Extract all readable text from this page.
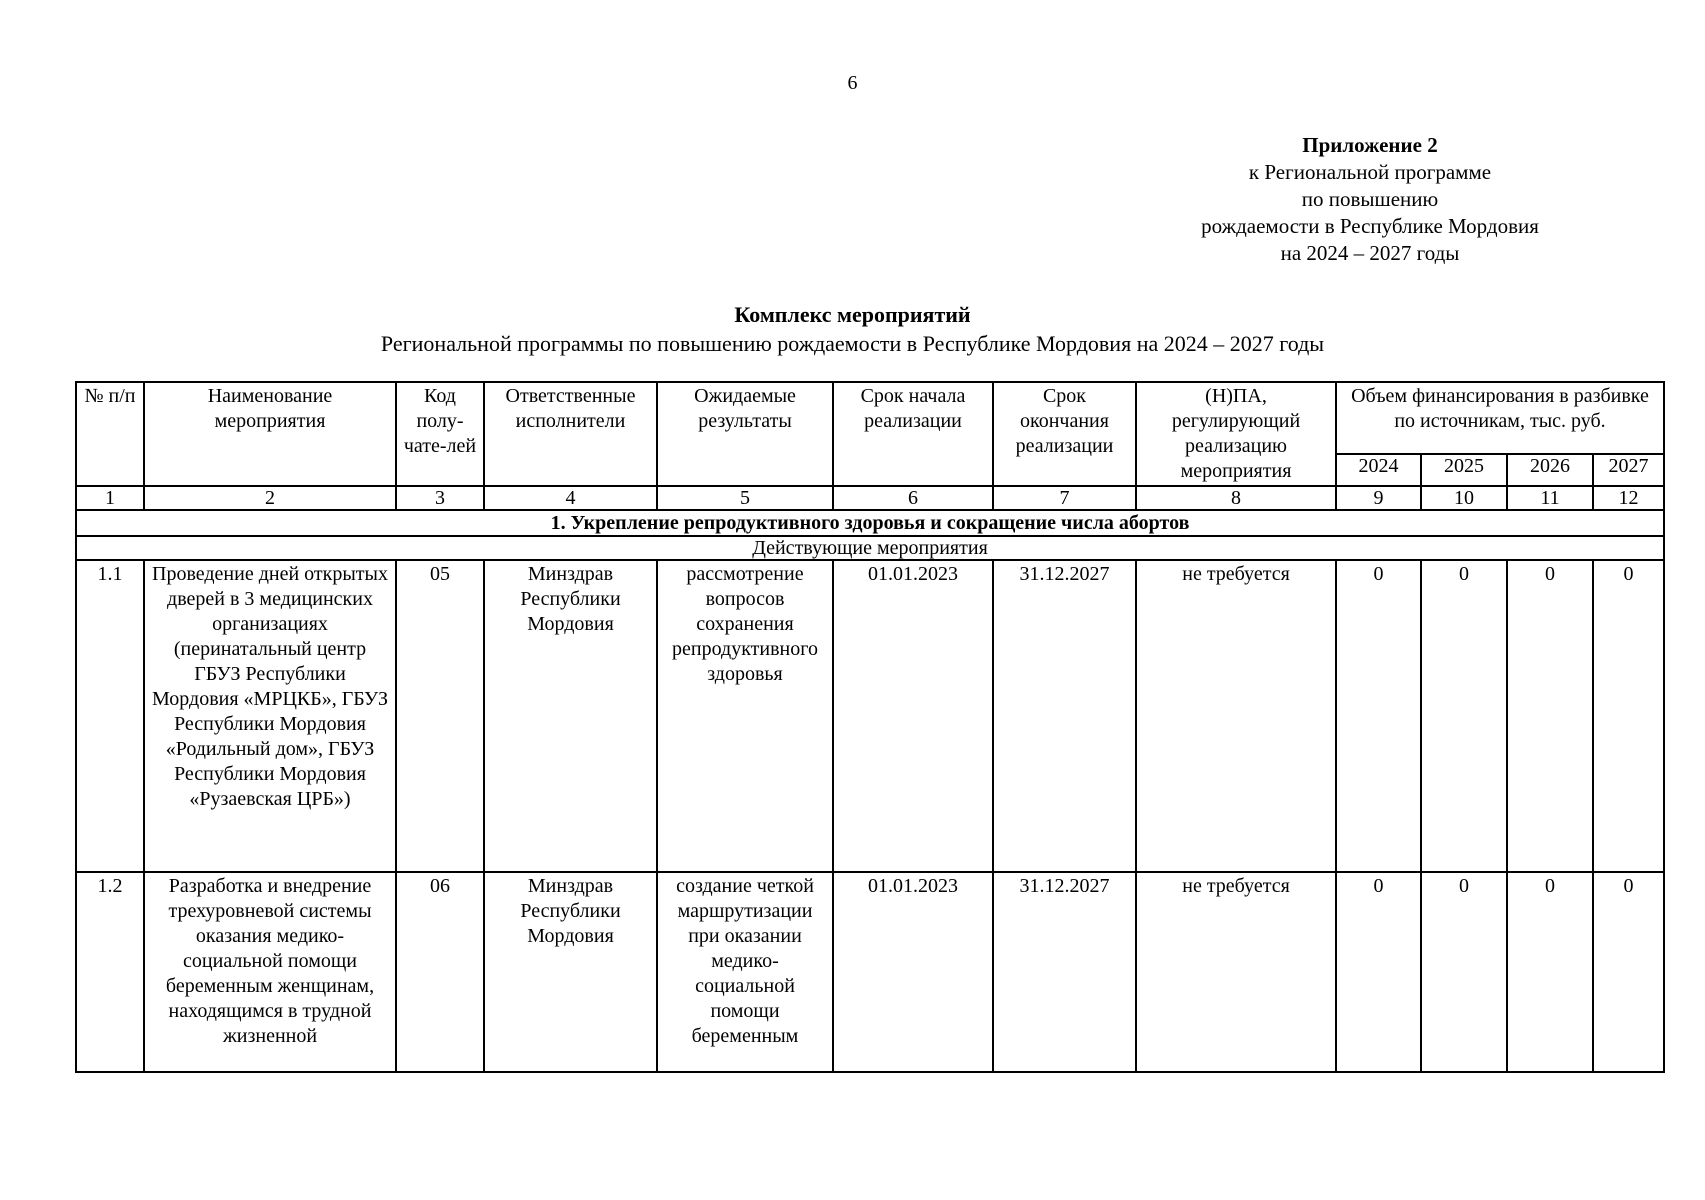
6
Приложение 2
к Региональной программе
по повышению
рождаемости в Республике Мордовия
на 2024 – 2027 годы
Комплекс мероприятий
Региональной программы по повышению рождаемости в Республике Мордовия на 2024 – 2027 годы
№ п/п	Наименование мероприятия	Код полу-чате-лей	Ответственные исполнители	Ожидаемые результаты	Срок начала реализации	Срок окончания реализации	(Н)ПА, регулирующий реализацию мероприятия	Объем финансирования в разбивке по источникам, тыс. руб.			
								2024	2025	2026	2027
1	2	3	4	5	6	7	8	9	10	11	12
1. Укрепление репродуктивного здоровья и сокращение числа абортов											
Действующие мероприятия											
1.1	Проведение дней открытых дверей в 3 медицинских организациях (перинатальный центр ГБУЗ Республики Мордовия «МРЦКБ», ГБУЗ Республики Мордовия «Родильный дом», ГБУЗ Республики Мордовия «Рузаевская ЦРБ»)	05	Минздрав Республики Мордовия	рассмотрение вопросов сохранения репродуктивного здоровья	01.01.2023	31.12.2027	не требуется	0	0	0	0
1.2	Разработка и внедрение трехуровневой системы оказания медико-социальной помощи беременным женщинам, находящимся в трудной жизненной	06	Минздрав Республики Мордовия	создание четкой маршрутизации при оказании медико-социальной помощи беременным	01.01.2023	31.12.2027	не требуется	0	0	0	0
